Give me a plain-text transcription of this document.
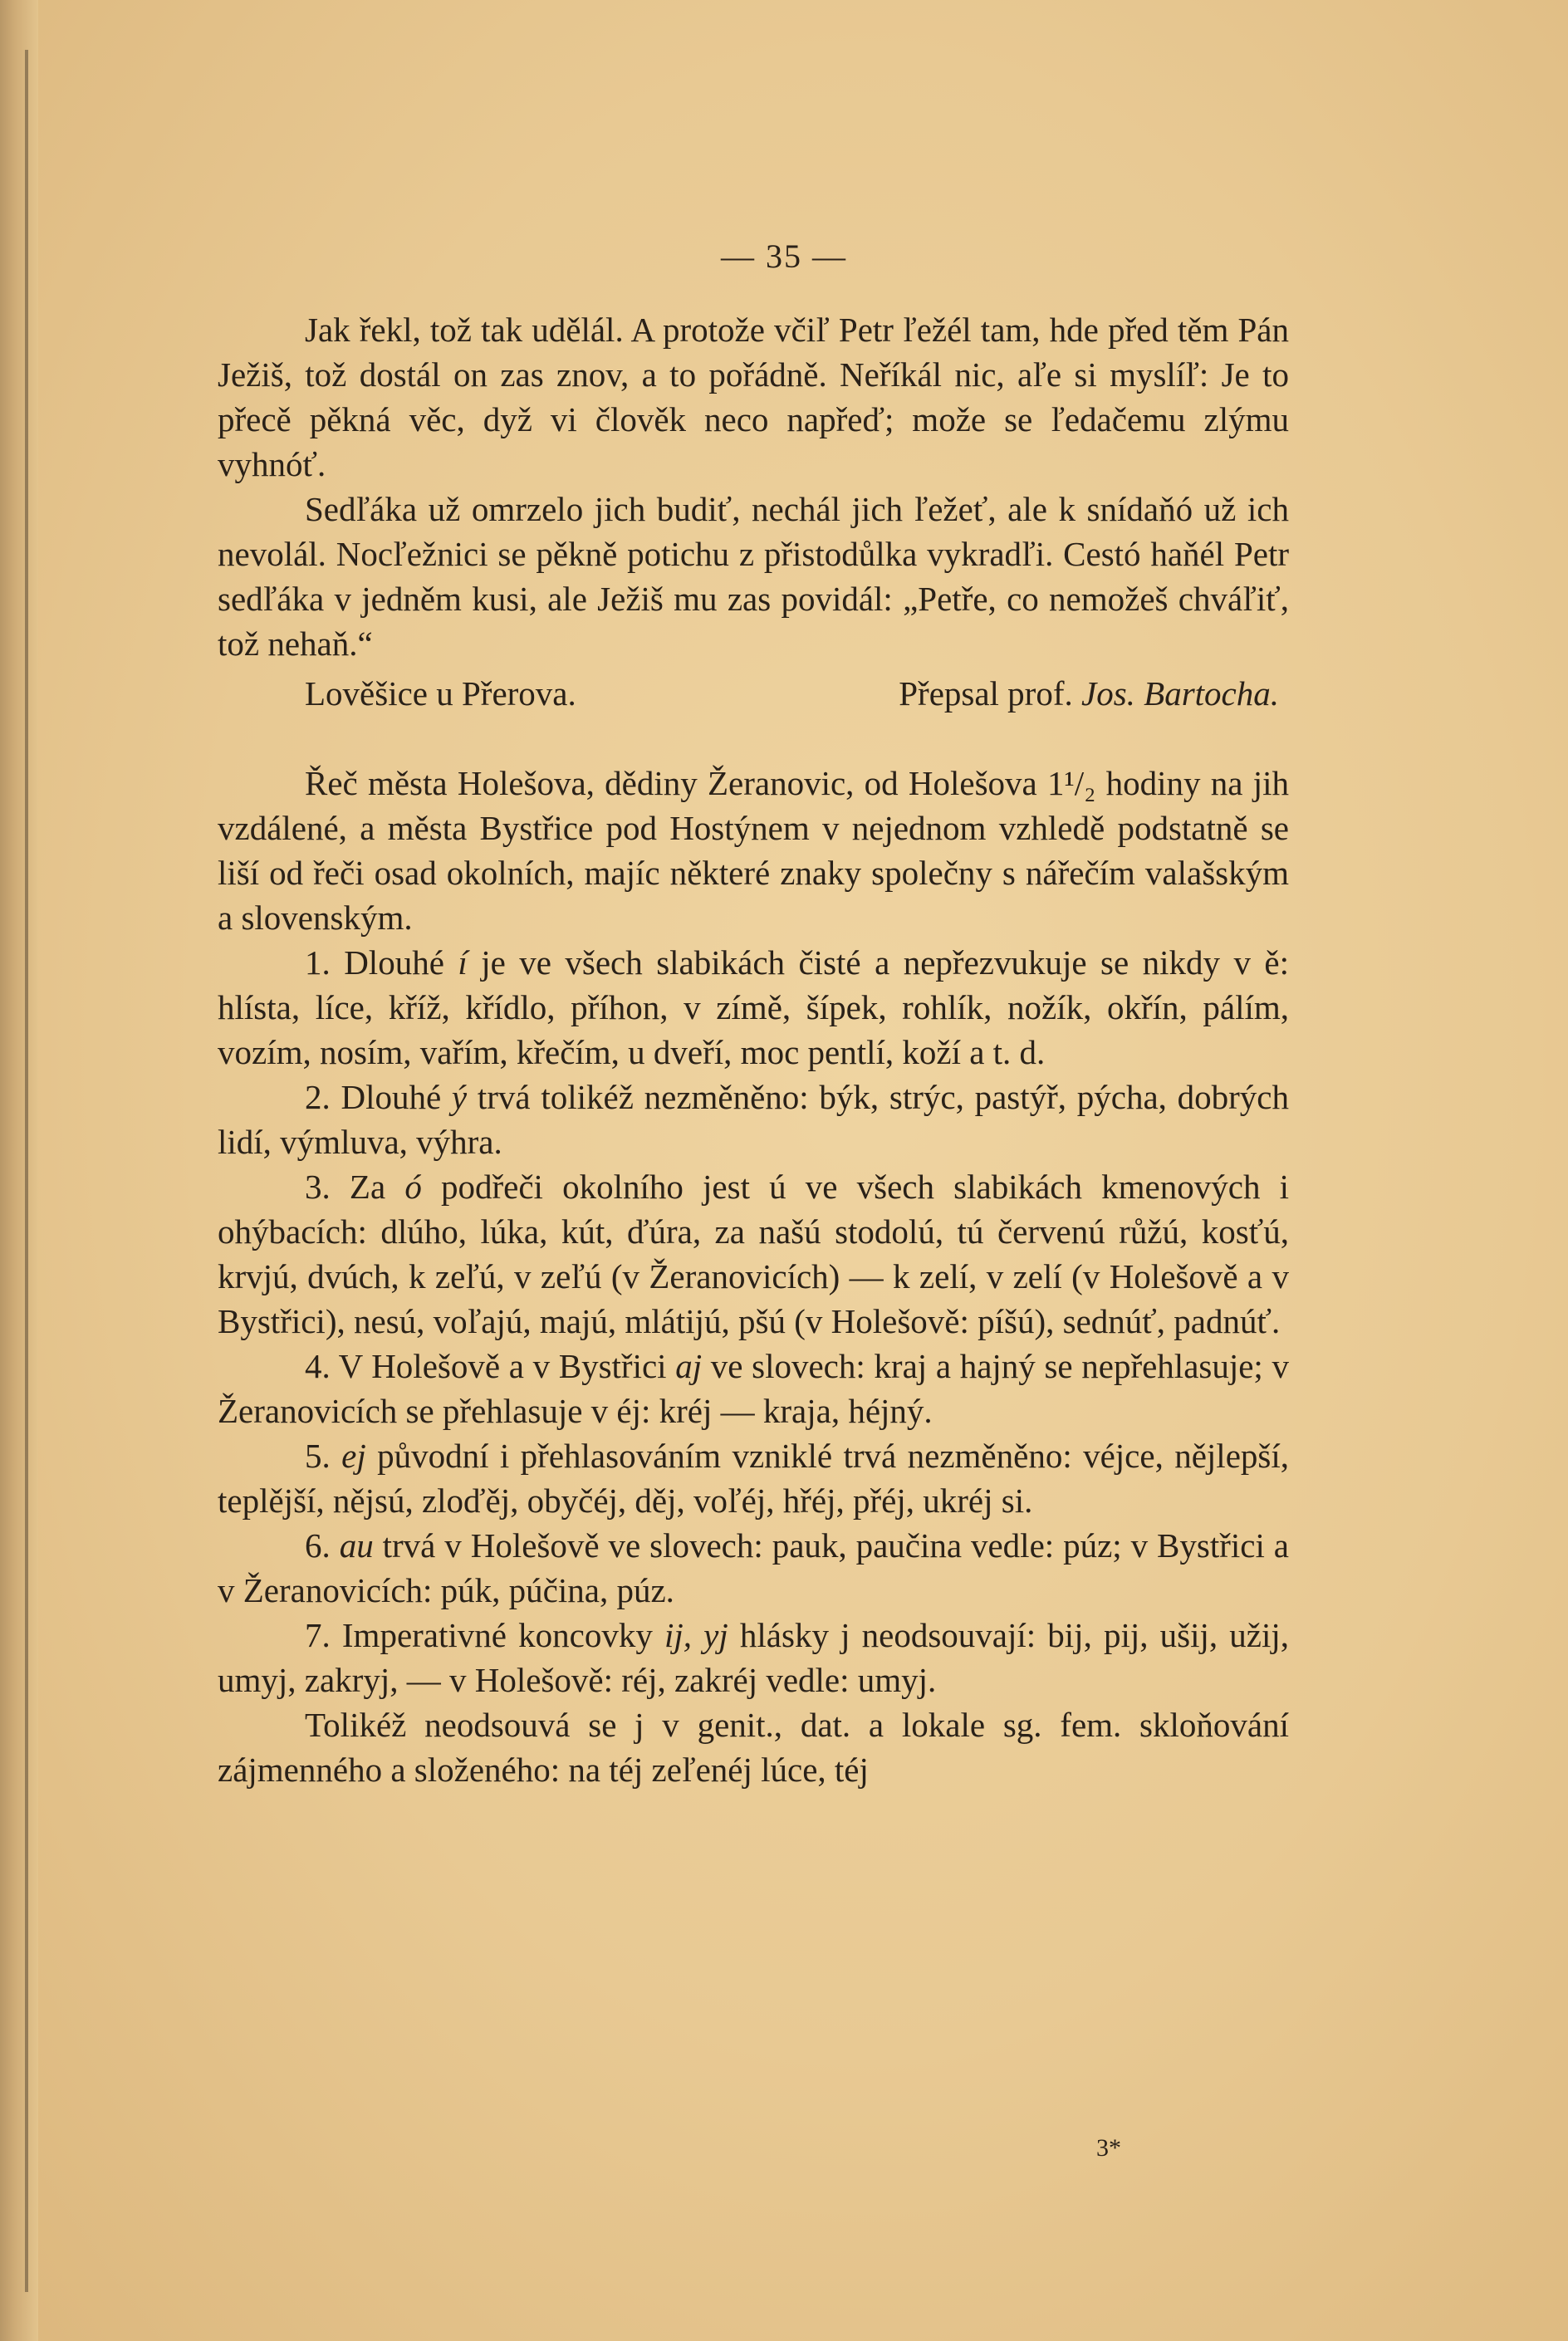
— 35 —

Jak řekl, tož tak udělál. A protože včiľ Petr ľežél tam, hde před těm Pán Ježiš, tož dostál on zas znov, a to pořádně. Neříkál nic, aľe si myslíľ: Je to přecě pěkná věc, dyž vi člověk neco napřeď; može se ľedačemu zlýmu vyhnóť.

Sedľáka už omrzelo jich budiť, nechál jich ľežeť, ale k snídaňó už ich nevolál. Nocľežnici se pěkně potichu z přistodůlka vykradľi. Cestó haňél Petr sedľáka v jedněm kusi, ale Ježiš mu zas povidál: „Petře, co nemožeš chváľiť, tož nehaň.“

Lověšice u Přerova.	Přepsal prof. Jos. Bartocha.

Řeč města Holešova, dědiny Žeranovic, od Holešova 1¹/₂ hodiny na jih vzdálené, a města Bystřice pod Hostýnem v nejednom vzhledě podstatně se liší od řeči osad okolních, majíc některé znaky společny s nářečím valašským a slovenským.

1. Dlouhé í je ve všech slabikách čisté a nepřezvukuje se nikdy v ě: hlísta, líce, kříž, křídlo, příhon, v zímě, šípek, rohlík, nožík, okřín, pálím, vozím, nosím, vařím, křečím, u dveří, moc pentlí, koží a t. d.

2. Dlouhé ý trvá tolikéž nezměněno: býk, strýc, pastýř, pýcha, dobrých lidí, výmluva, výhra.

3. Za ó podřeči okolního jest ú ve všech slabikách kmenových i ohýbacích: dlúho, lúka, kút, ďúra, za našú stodolú, tú červenú růžú, kosťú, krvjú, dvúch, k zeľú, v zeľú (v Žeranovicích) — k zelí, v zelí (v Holešově a v Bystřici), nesú, voľajú, majú, mlátijú, pšú (v Holešově: píšú), sednúť, padnúť.

4. V Holešově a v Bystřici aj ve slovech: kraj a hajný se nepřehlasuje; v Žeranovicích se přehlasuje v éj: kréj — kraja, héjný.

5. ej původní i přehlasováním vzniklé trvá nezměněno: véjce, nějlepší, teplější, nějsú, zloďěj, obyčéj, děj, voľéj, hřéj, přéj, ukréj si.

6. au trvá v Holešově ve slovech: pauk, paučina vedle: púz; v Bystřici a v Žeranovicích: púk, púčina, púz.

7. Imperativné koncovky ij, yj hlásky j neodsouvají: bij, pij, ušij, užij, umyj, zakryj, — v Holešově: réj, zakréj vedle: umyj.

Tolikéž neodsouvá se j v genit., dat. a lokale sg. fem. skloňování zájmenného a složeného: na téj zeľenéj lúce, téj

3*
